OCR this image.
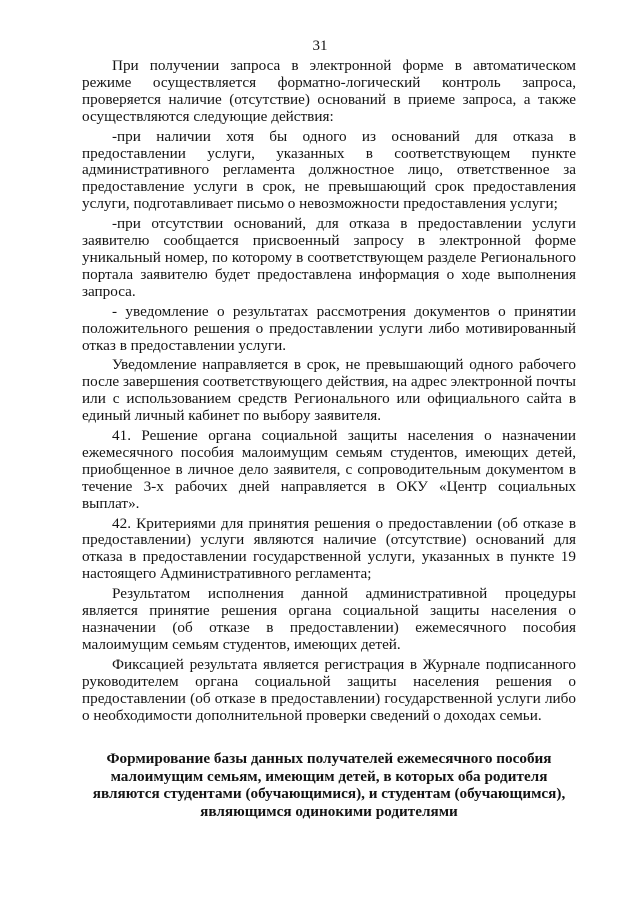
31

При получении запроса в электронной форме в автоматическом режиме осуществляется форматно-логический контроль запроса, проверяется наличие (отсутствие) оснований в приеме запроса, а также осуществляются следующие действия:

-при наличии хотя бы одного из оснований для отказа в предоставлении услуги, указанных в соответствующем пункте административного регламента должностное лицо, ответственное за предоставление услуги в срок, не превышающий срок предоставления услуги, подготавливает письмо о невозможности предоставления услуги;

-при отсутствии оснований, для отказа в предоставлении услуги заявителю сообщается присвоенный запросу в электронной форме уникальный номер, по которому в соответствующем разделе Регионального портала заявителю будет предоставлена информация о ходе выполнения запроса.

- уведомление о результатах рассмотрения документов о принятии положительного решения о предоставлении услуги либо мотивированный отказ в предоставлении услуги.

Уведомление направляется в срок, не превышающий одного рабочего после завершения соответствующего действия, на адрес электронной почты или с использованием средств Регионального или официального сайта в единый личный кабинет по выбору заявителя.

41. Решение органа социальной защиты населения о назначении ежемесячного пособия малоимущим семьям студентов, имеющих детей, приобщенное в личное дело заявителя, с сопроводительным документом в течение 3-х рабочих дней направляется в ОКУ «Центр социальных выплат».

42. Критериями для принятия решения о предоставлении (об отказе в предоставлении) услуги являются наличие (отсутствие) оснований для отказа в предоставлении государственной услуги, указанных в пункте 19 настоящего Административного регламента;

Результатом исполнения данной административной процедуры является принятие решения органа социальной защиты населения о назначении (об отказе в предоставлении) ежемесячного пособия малоимущим семьям студентов, имеющих детей.

Фиксацией результата является регистрация в Журнале подписанного руководителем органа социальной защиты населения решения о предоставлении (об отказе в предоставлении) государственной услуги либо о необходимости дополнительной проверки сведений о доходах семьи.

Формирование базы данных получателей ежемесячного пособия малоимущим семьям, имеющим детей, в которых оба родителя являются студентами (обучающимися), и студентам (обучающимся), являющимся одинокими родителями
